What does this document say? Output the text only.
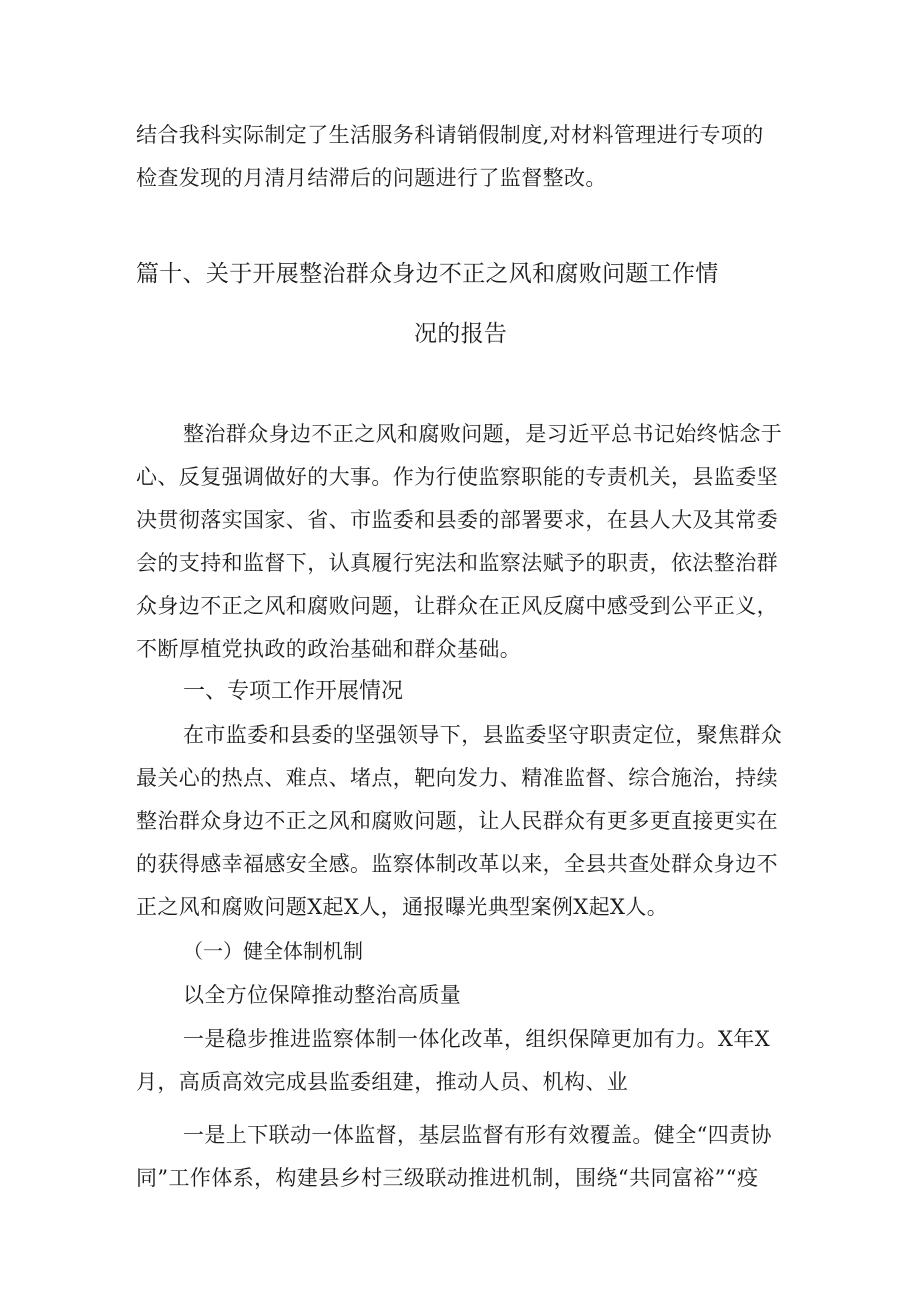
结合我科实际制定了生活服务科请销假制度,对材料管理进行专项的
检查发现的月清月结滞后的问题进行了监督整改。
篇十、关于开展整治群众身边不正之风和腐败问题工作情
况的报告
整治群众身边不正之风和腐败问题，是习近平总书记始终惦念于
心、反复强调做好的大事。作为行使监察职能的专责机关，县监委坚
决贯彻落实国家、省、市监委和县委的部署要求，在县人大及其常委
会的支持和监督下，认真履行宪法和监察法赋予的职责，依法整治群
众身边不正之风和腐败问题，让群众在正风反腐中感受到公平正义，
不断厚植党执政的政治基础和群众基础。
一、专项工作开展情况
在市监委和县委的坚强领导下，县监委坚守职责定位，聚焦群众
最关心的热点、难点、堵点，靶向发力、精准监督、综合施治，持续
整治群众身边不正之风和腐败问题，让人民群众有更多更直接更实在
的获得感幸福感安全感。监察体制改革以来，全县共查处群众身边不
正之风和腐败问题X起X人，通报曝光典型案例X起X人。
（一）健全体制机制
以全方位保障推动整治高质量
一是稳步推进监察体制一体化改革，组织保障更加有力。X年X
月，高质高效完成县监委组建，推动人员、机构、业
一是上下联动一体监督，基层监督有形有效覆盖。健全“四责协
同”工作体系，构建县乡村三级联动推进机制，围绕“共同富裕”“疫
